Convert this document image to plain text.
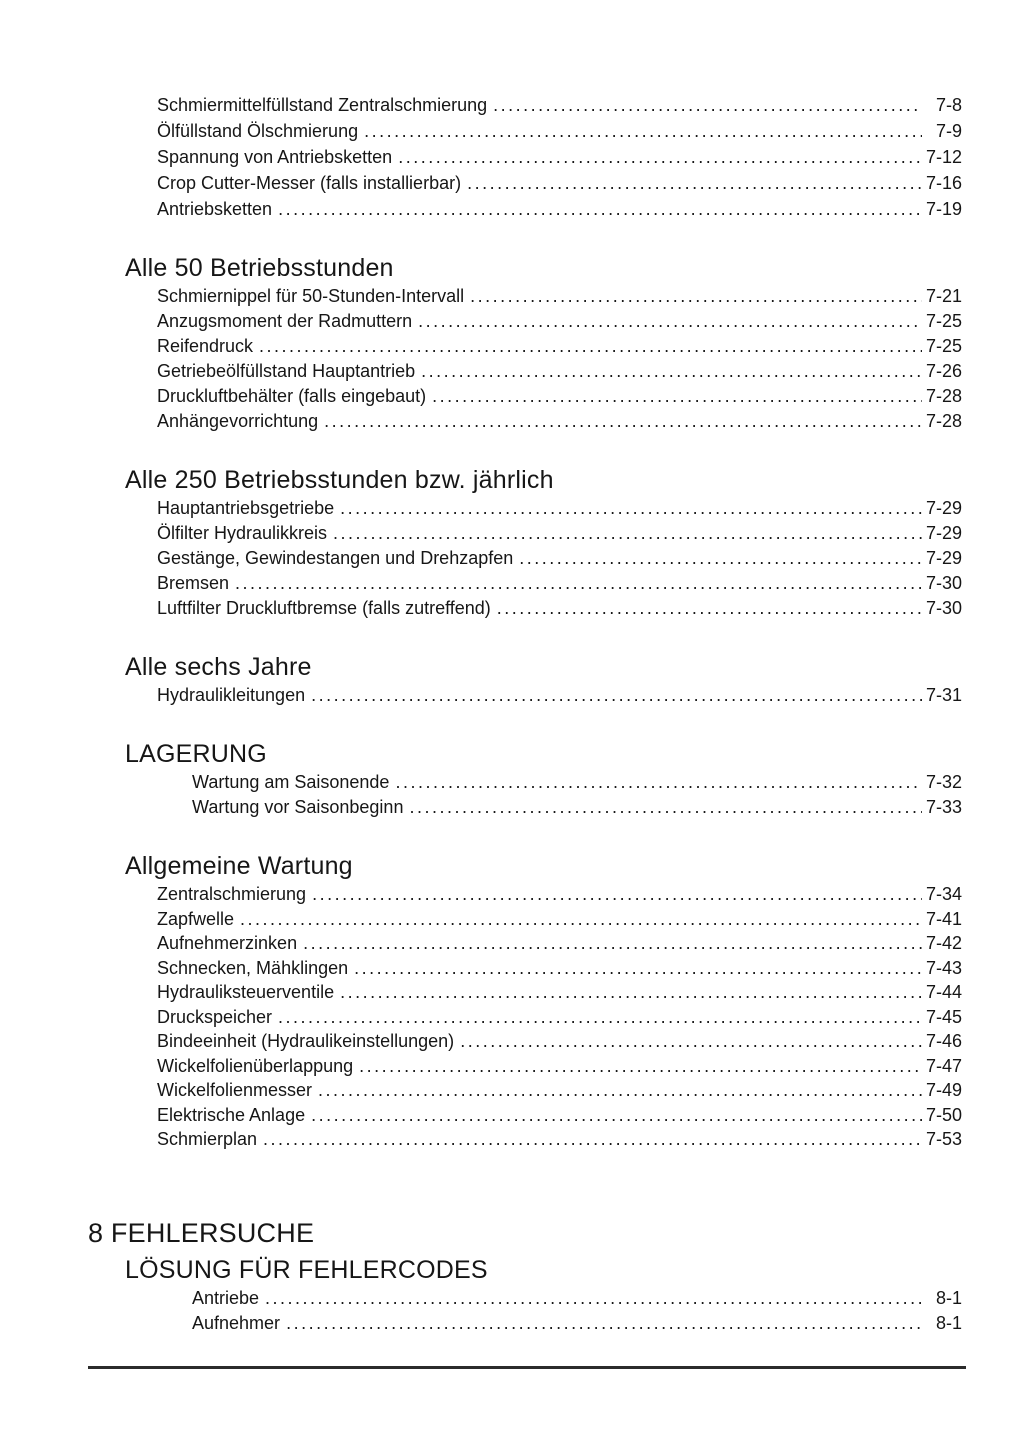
Schmiermittelfüllstand Zentralschmierung .....	7-8
Ölfüllstand Ölschmierung .....	7-9
Spannung von Antriebsketten .....	7-12
Crop Cutter-Messer (falls installierbar) .....	7-16
Antriebsketten .....	7-19
Alle 50 Betriebsstunden
Schmiernippel für 50-Stunden-Intervall .....	7-21
Anzugsmoment der Radmuttern .....	7-25
Reifendruck .....	7-25
Getriebeölfüllstand Hauptantrieb .....	7-26
Druckluftbehälter (falls eingebaut) .....	7-28
Anhängevorrichtung .....	7-28
Alle 250 Betriebsstunden bzw. jährlich
Hauptantriebsgetriebe .....	7-29
Ölfilter Hydraulikkreis .....	7-29
Gestänge, Gewindestangen und Drehzapfen .....	7-29
Bremsen .....	7-30
Luftfilter Druckluftbremse (falls zutreffend) .....	7-30
Alle sechs Jahre
Hydraulikleitungen .....	7-31
LAGERUNG
Wartung am Saisonende .....	7-32
Wartung vor Saisonbeginn .....	7-33
Allgemeine Wartung
Zentralschmierung .....	7-34
Zapfwelle .....	7-41
Aufnehmerzinken .....	7-42
Schnecken, Mähklingen .....	7-43
Hydrauliksteuerventile .....	7-44
Druckspeicher .....	7-45
Bindeeinheit (Hydraulikeinstellungen) .....	7-46
Wickelfolienüberlappung .....	7-47
Wickelfolienmesser .....	7-49
Elektrische Anlage .....	7-50
Schmierplan .....	7-53
8 FEHLERSUCHE
LÖSUNG FÜR FEHLERCODES
Antriebe .....	8-1
Aufnehmer .....	8-1
